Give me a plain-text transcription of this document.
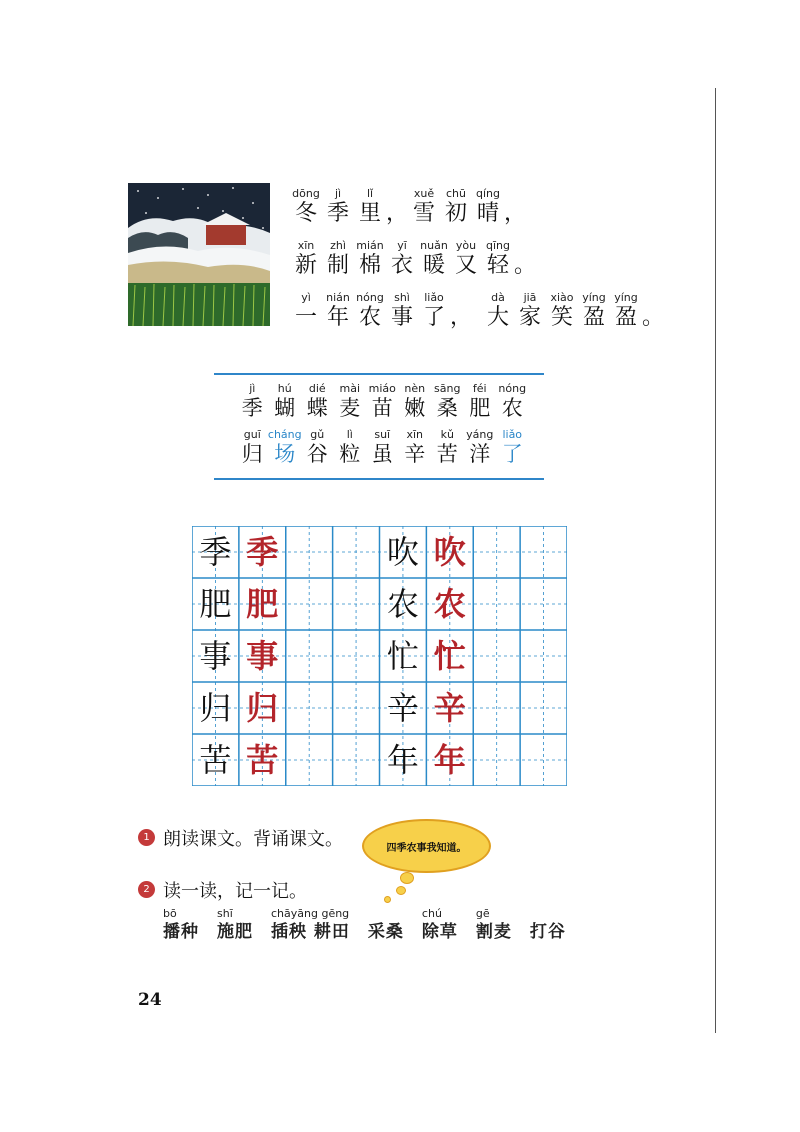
dōng
冬
jì
季
lǐ
里 ，
xuě
雪
chū
初
qíng
晴 ，
xīn
新
zhì
制
mián
棉
yī
衣
nuǎn
暖
yòu
又
qīng
轻 。
yì
一
nián
年
nóng
农
shì
事
liǎo
了 ，
dà
大
jiā
家
xiào
笑
yíng
盈
yíng
盈 。
jì
季
hú
蝴
dié
蝶
mài
麦
miáo
苗
nèn
嫩
sāng
桑
féi
肥
nóng
农
guī
归
cháng
场
gǔ
谷
lì
粒
suī
虽
xīn
辛
kǔ
苦
yáng
洋
liǎo
了
季 季
肥 肥
事 事
归 归
苦 苦
吹 吹
农 农
忙 忙
辛 辛
年 年
1 朗读课文。背诵课文。	四季农事我知道。
2 读一读，记一记。
bō
播种
shī
施肥
chāyāng gēng
插秧 耕田 采桑
chú
除草
gē
割麦 打谷
24
